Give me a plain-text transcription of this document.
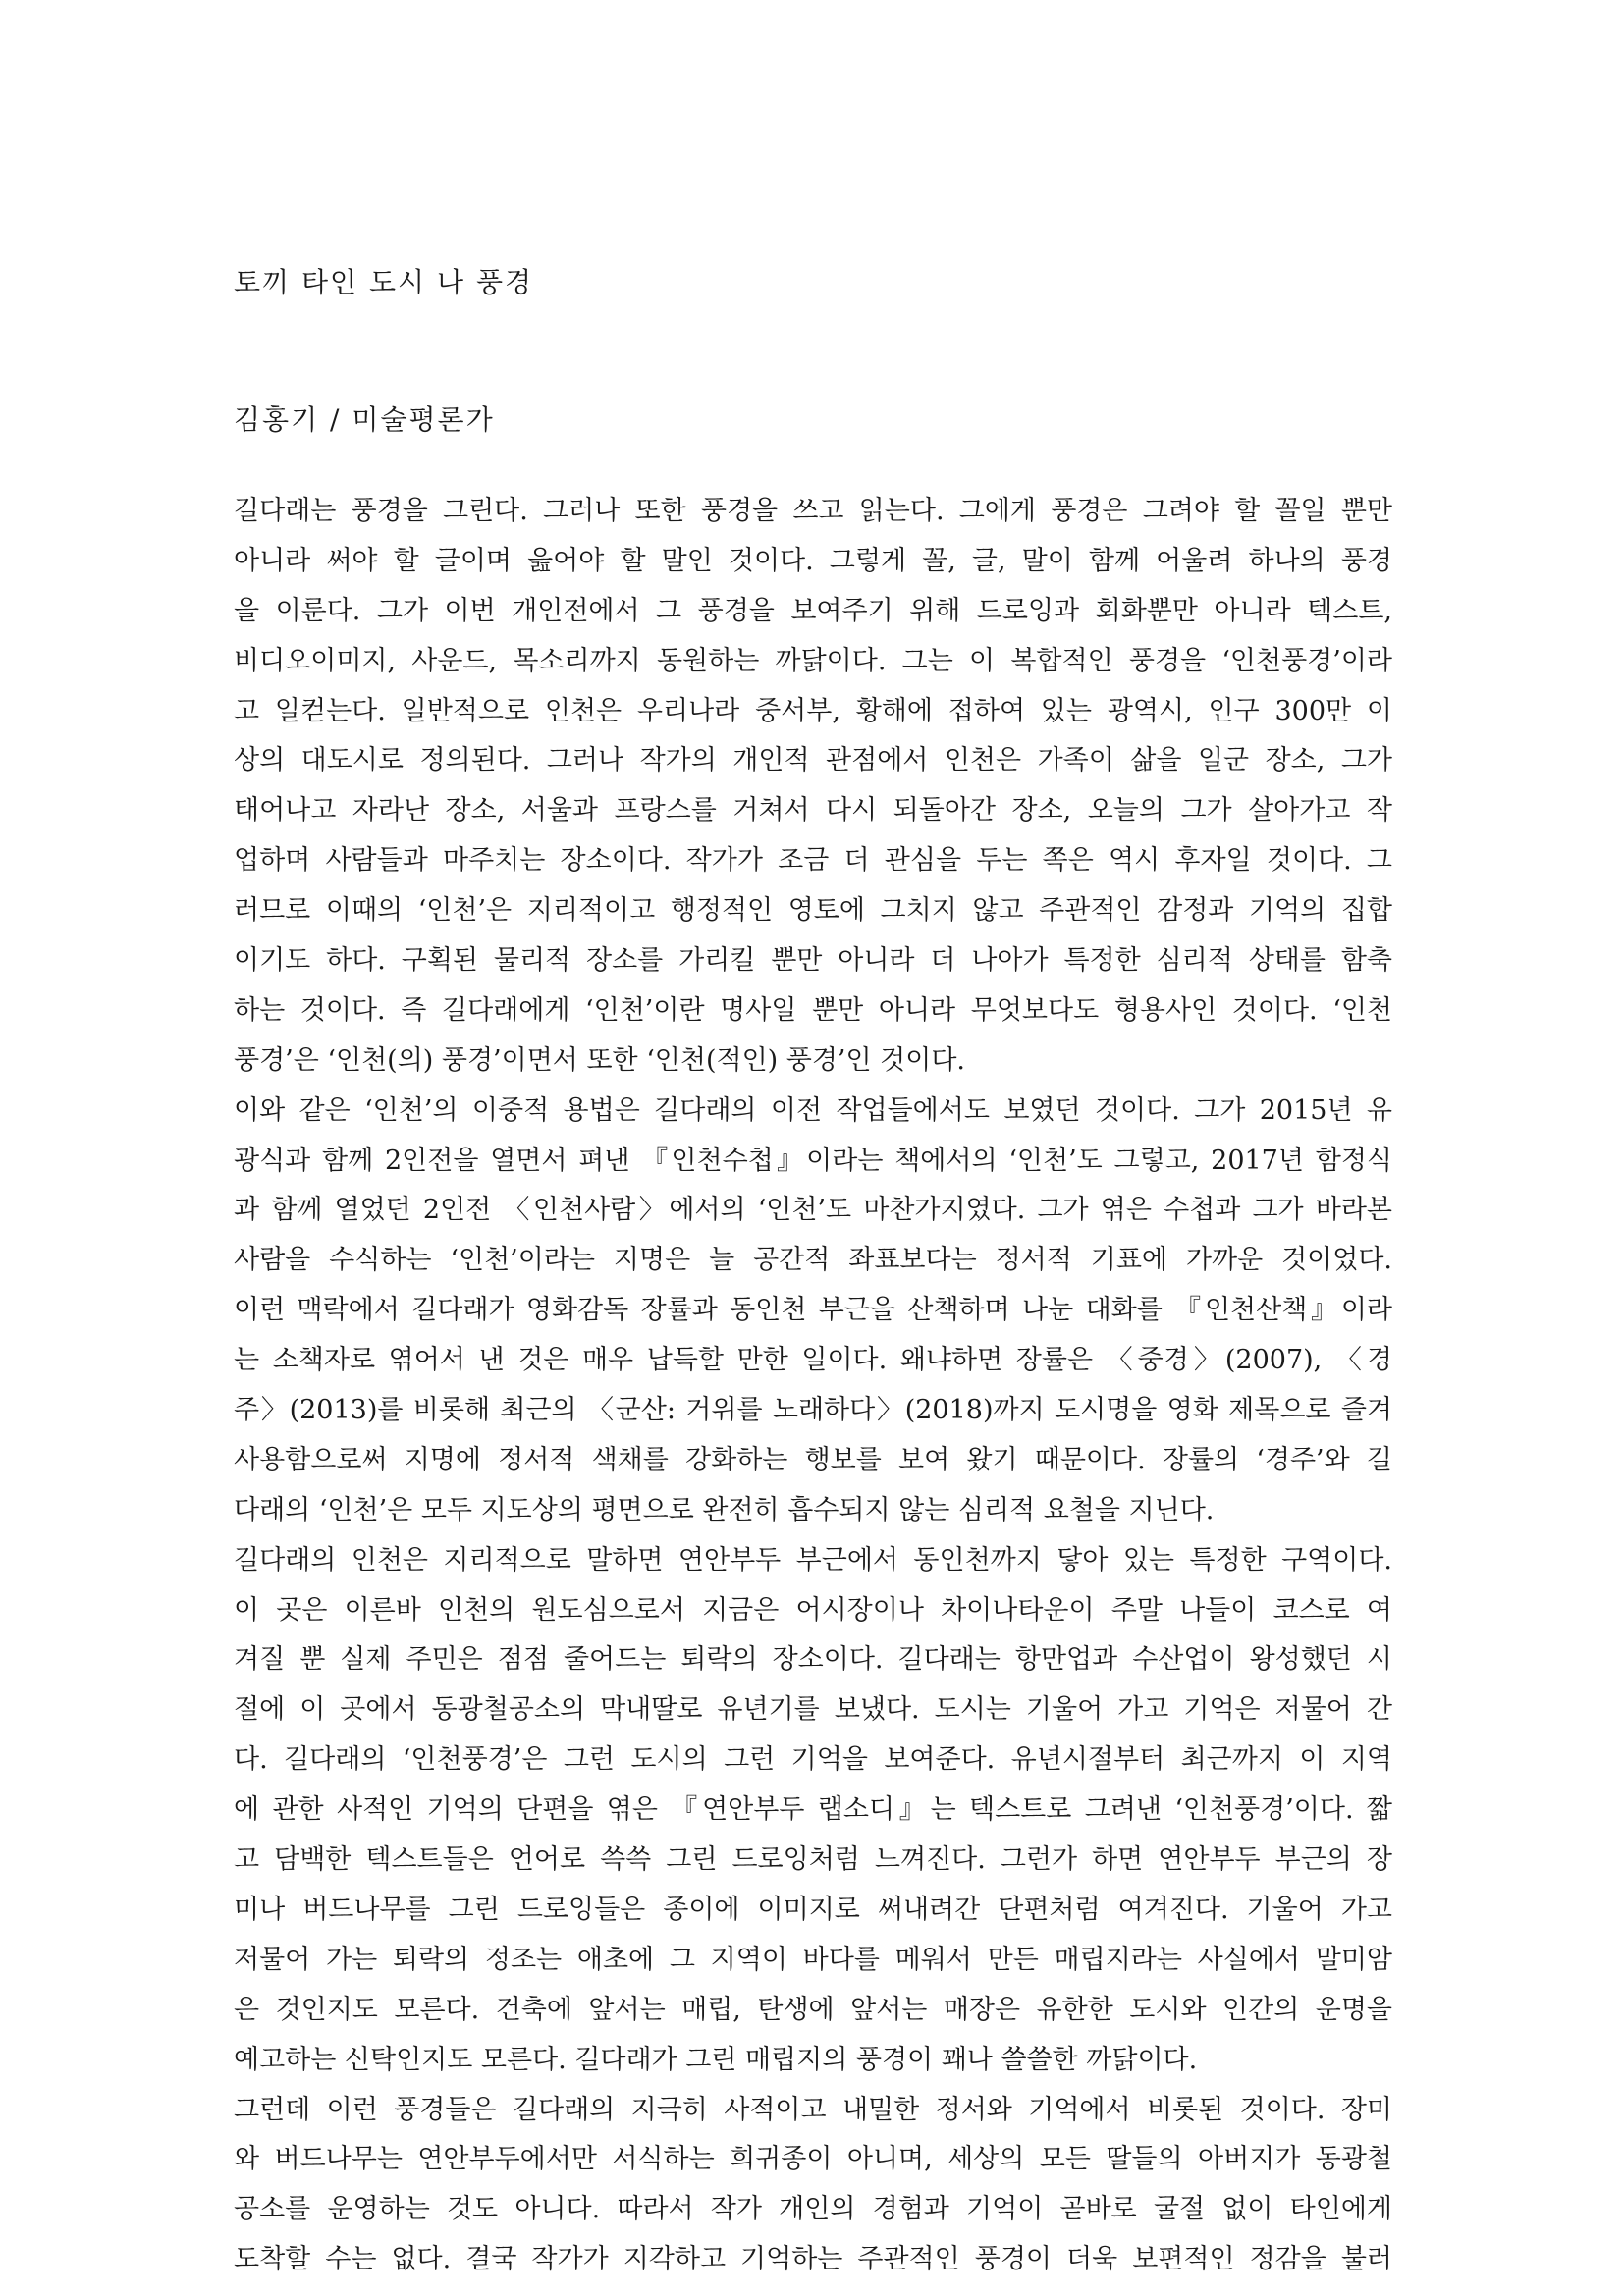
토끼 타인 도시 나 풍경
김홍기 / 미술평론가
길다래는 풍경을 그린다. 그러나 또한 풍경을 쓰고 읽는다. 그에게 풍경은 그려야 할 꼴일 뿐만
아니라 써야 할 글이며 읊어야 할 말인 것이다. 그렇게 꼴, 글, 말이 함께 어울려 하나의 풍경
을 이룬다. 그가 이번 개인전에서 그 풍경을 보여주기 위해 드로잉과 회화뿐만 아니라 텍스트,
비디오이미지, 사운드, 목소리까지 동원하는 까닭이다. 그는 이 복합적인 풍경을 ‘인천풍경’이라
고 일컫는다. 일반적으로 인천은 우리나라 중서부, 황해에 접하여 있는 광역시, 인구 300만 이
상의 대도시로 정의된다. 그러나 작가의 개인적 관점에서 인천은 가족이 삶을 일군 장소, 그가
태어나고 자라난 장소, 서울과 프랑스를 거쳐서 다시 되돌아간 장소, 오늘의 그가 살아가고 작
업하며 사람들과 마주치는 장소이다. 작가가 조금 더 관심을 두는 쪽은 역시 후자일 것이다. 그
러므로 이때의 ‘인천’은 지리적이고 행정적인 영토에 그치지 않고 주관적인 감정과 기억의 집합
이기도 하다. 구획된 물리적 장소를 가리킬 뿐만 아니라 더 나아가 특정한 심리적 상태를 함축
하는 것이다. 즉 길다래에게 ‘인천’이란 명사일 뿐만 아니라 무엇보다도 형용사인 것이다. ‘인천
풍경’은 ‘인천(의) 풍경’이면서 또한 ‘인천(적인) 풍경’인 것이다.
이와 같은 ‘인천’의 이중적 용법은 길다래의 이전 작업들에서도 보였던 것이다. 그가 2015년 유
광식과 함께 2인전을 열면서 펴낸 『인천수첩』이라는 책에서의 ‘인천’도 그렇고, 2017년 함정식
과 함께 열었던 2인전 〈인천사람〉에서의 ‘인천’도 마찬가지였다. 그가 엮은 수첩과 그가 바라본
사람을 수식하는 ‘인천’이라는 지명은 늘 공간적 좌표보다는 정서적 기표에 가까운 것이었다.
이런 맥락에서 길다래가 영화감독 장률과 동인천 부근을 산책하며 나눈 대화를 『인천산책』이라
는 소책자로 엮어서 낸 것은 매우 납득할 만한 일이다. 왜냐하면 장률은 〈중경〉(2007), 〈경
주〉(2013)를 비롯해 최근의 〈군산: 거위를 노래하다〉(2018)까지 도시명을 영화 제목으로 즐겨
사용함으로써 지명에 정서적 색채를 강화하는 행보를 보여 왔기 때문이다. 장률의 ‘경주’와 길
다래의 ‘인천’은 모두 지도상의 평면으로 완전히 흡수되지 않는 심리적 요철을 지닌다.
길다래의 인천은 지리적으로 말하면 연안부두 부근에서 동인천까지 닿아 있는 특정한 구역이다.
이 곳은 이른바 인천의 원도심으로서 지금은 어시장이나 차이나타운이 주말 나들이 코스로 여
겨질 뿐 실제 주민은 점점 줄어드는 퇴락의 장소이다. 길다래는 항만업과 수산업이 왕성했던 시
절에 이 곳에서 동광철공소의 막내딸로 유년기를 보냈다. 도시는 기울어 가고 기억은 저물어 간
다. 길다래의 ‘인천풍경’은 그런 도시의 그런 기억을 보여준다. 유년시절부터 최근까지 이 지역
에 관한 사적인 기억의 단편을 엮은 『연안부두 랩소디』는 텍스트로 그려낸 ‘인천풍경’이다. 짧
고 담백한 텍스트들은 언어로 쓱쓱 그린 드로잉처럼 느껴진다. 그런가 하면 연안부두 부근의 장
미나 버드나무를 그린 드로잉들은 종이에 이미지로 써내려간 단편처럼 여겨진다. 기울어 가고
저물어 가는 퇴락의 정조는 애초에 그 지역이 바다를 메워서 만든 매립지라는 사실에서 말미암
은 것인지도 모른다. 건축에 앞서는 매립, 탄생에 앞서는 매장은 유한한 도시와 인간의 운명을
예고하는 신탁인지도 모른다. 길다래가 그린 매립지의 풍경이 꽤나 쓸쓸한 까닭이다.
그런데 이런 풍경들은 길다래의 지극히 사적이고 내밀한 정서와 기억에서 비롯된 것이다. 장미
와 버드나무는 연안부두에서만 서식하는 희귀종이 아니며, 세상의 모든 딸들의 아버지가 동광철
공소를 운영하는 것도 아니다. 따라서 작가 개인의 경험과 기억이 곧바로 굴절 없이 타인에게
도착할 수는 없다. 결국 작가가 지각하고 기억하는 주관적인 풍경이 더욱 보편적인 정감을 불러
